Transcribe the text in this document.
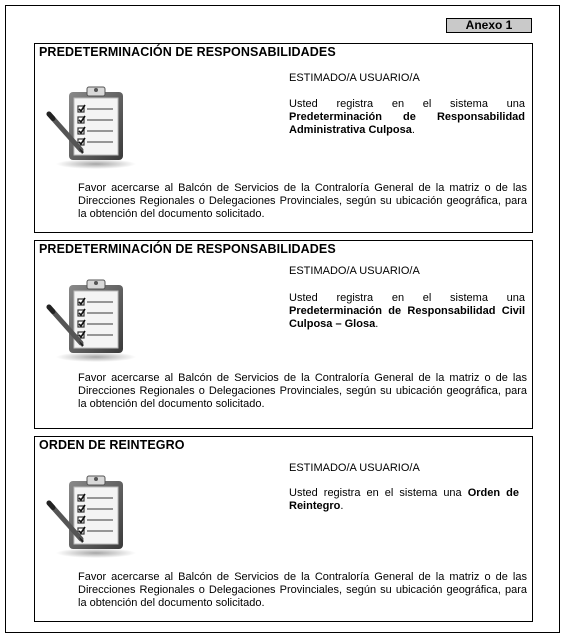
Anexo 1
PREDETERMINACIÓN DE RESPONSABILIDADES
ESTIMADO/A USUARIO/A
Usted registra en el sistema una Predeterminación de Responsabilidad Administrativa Culposa.
Favor acercarse al Balcón de Servicios de la Contraloría General de la matriz o de las Direcciones Regionales o Delegaciones Provinciales, según su ubicación geográfica, para la obtención del documento solicitado.
PREDETERMINACIÓN DE RESPONSABILIDADES
ESTIMADO/A USUARIO/A
Usted registra en el sistema una Predeterminación de Responsabilidad Civil Culposa – Glosa.
Favor acercarse al Balcón de Servicios de la Contraloría General de la matriz o de las Direcciones Regionales o Delegaciones Provinciales, según su ubicación geográfica, para la obtención del documento solicitado.
ORDEN DE REINTEGRO
ESTIMADO/A USUARIO/A
Usted registra en el sistema una Orden de Reintegro.
Favor acercarse al Balcón de Servicios de la Contraloría General de la matriz o de las Direcciones Regionales o Delegaciones Provinciales, según su ubicación geográfica, para la obtención del documento solicitado.
